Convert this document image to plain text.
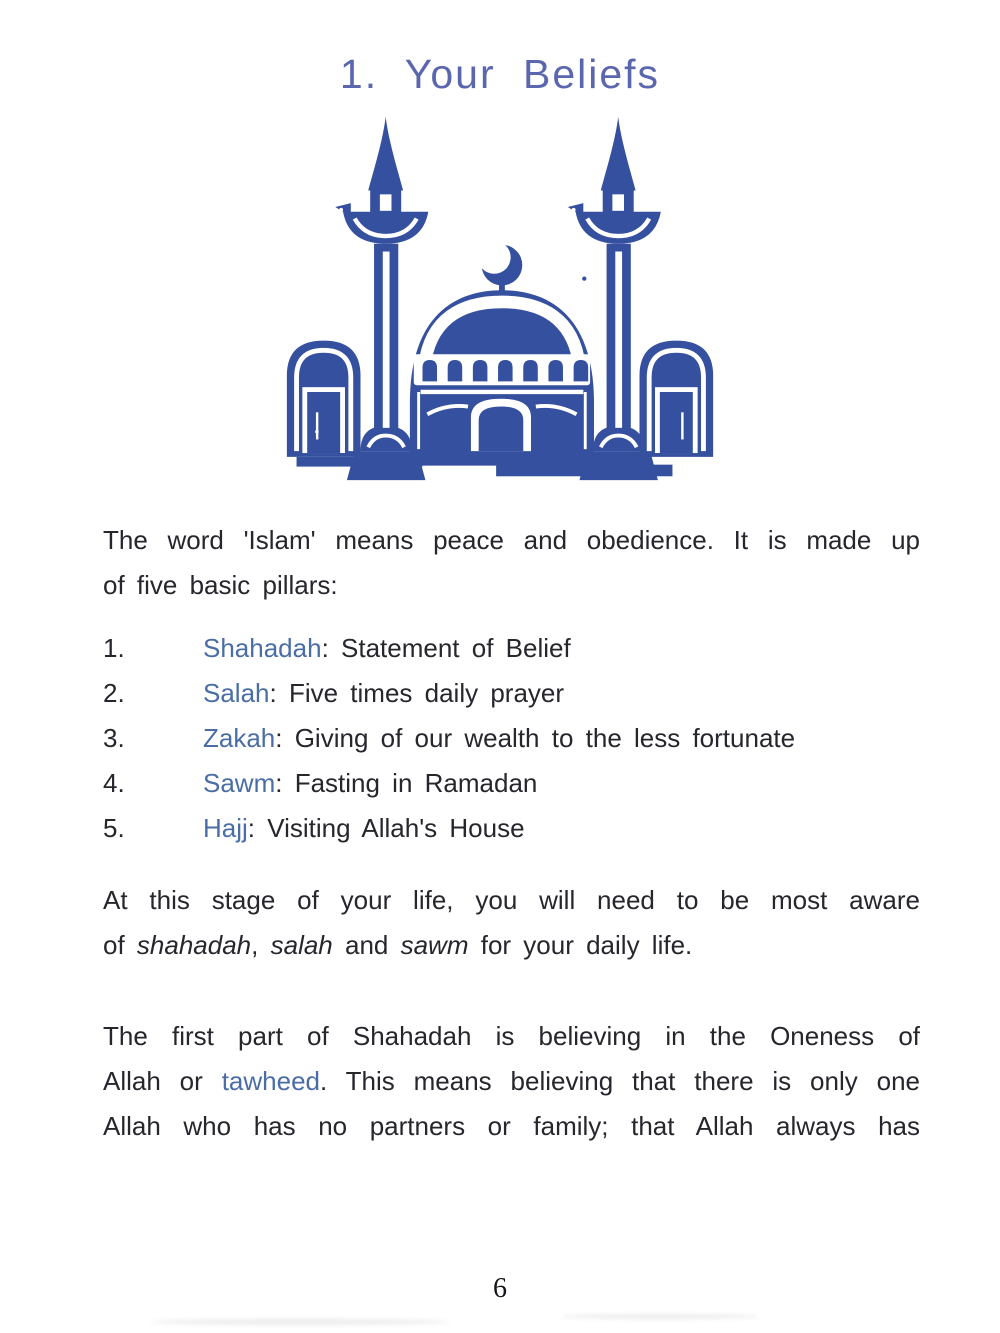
1. Your Beliefs
The word 'Islam' means peace and obedience. It is made up
of five basic pillars:
1.	Shahadah: Statement of Belief
2.	Salah: Five times daily prayer
3.	Zakah: Giving of our wealth to the less fortunate
4.	Sawm: Fasting in Ramadan
5.	Hajj: Visiting Allah's House
At this stage of your life, you will need to be most aware
of shahadah, salah and sawm for your daily life.
The first part of Shahadah is believing in the Oneness of
Allah or tawheed. This means believing that there is only one
Allah who has no partners or family; that Allah always has
6
